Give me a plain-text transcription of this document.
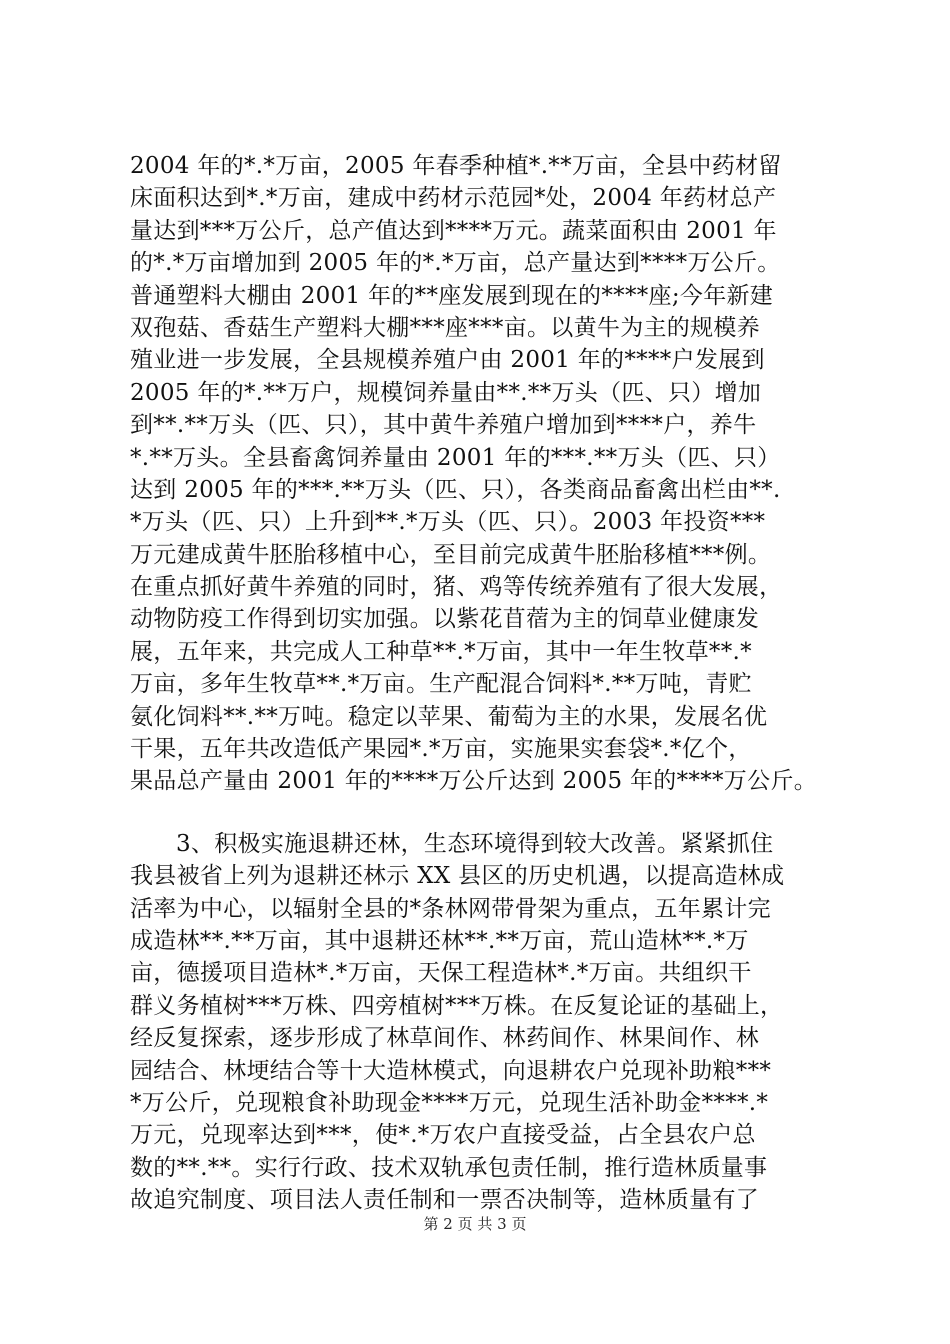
2004 年的*.*万亩，2005 年春季种植*.**万亩，全县中药材留
床面积达到*.*万亩，建成中药材示范园*处，2004 年药材总产
量达到***万公斤，总产值达到****万元。蔬菜面积由 2001 年
的*.*万亩增加到 2005 年的*.*万亩，总产量达到****万公斤。
普通塑料大棚由 2001 年的**座发展到现在的****座;今年新建
双孢菇、香菇生产塑料大棚***座***亩。以黄牛为主的规模养
殖业进一步发展，全县规模养殖户由 2001 年的****户发展到
2005 年的*.**万户，规模饲养量由**.**万头（匹、只）增加
到**.**万头（匹、只），其中黄牛养殖户增加到****户，养牛
*.**万头。全县畜禽饲养量由 2001 年的***.**万头（匹、只）
达到 2005 年的***.**万头（匹、只），各类商品畜禽出栏由**.
*万头（匹、只）上升到**.*万头（匹、只）。2003 年投资***
万元建成黄牛胚胎移植中心，至目前完成黄牛胚胎移植***例。
在重点抓好黄牛养殖的同时，猪、鸡等传统养殖有了很大发展，
动物防疫工作得到切实加强。以紫花苜蓿为主的饲草业健康发
展，五年来，共完成人工种草**.*万亩，其中一年生牧草**.*
万亩，多年生牧草**.*万亩。生产配混合饲料*.**万吨，青贮
氨化饲料**.**万吨。稳定以苹果、葡萄为主的水果，发展名优
干果，五年共改造低产果园*.*万亩，实施果实套袋*.*亿个，
果品总产量由 2001 年的****万公斤达到 2005 年的****万公斤。
3、积极实施退耕还林，生态环境得到较大改善。紧紧抓住
我县被省上列为退耕还林示 XX 县区的历史机遇，以提高造林成
活率为中心，以辐射全县的*条林网带骨架为重点，五年累计完
成造林**.**万亩，其中退耕还林**.**万亩，荒山造林**.*万
亩，德援项目造林*.*万亩，天保工程造林*.*万亩。共组织干
群义务植树***万株、四旁植树***万株。在反复论证的基础上，
经反复探索，逐步形成了林草间作、林药间作、林果间作、林
园结合、林埂结合等十大造林模式，向退耕农户兑现补助粮***
*万公斤，兑现粮食补助现金****万元，兑现生活补助金****.*
万元，兑现率达到***，使*.*万农户直接受益，占全县农户总
数的**.**。实行行政、技术双轨承包责任制，推行造林质量事
故追究制度、项目法人责任制和一票否决制等，造林质量有了
第 2 页 共 3 页
